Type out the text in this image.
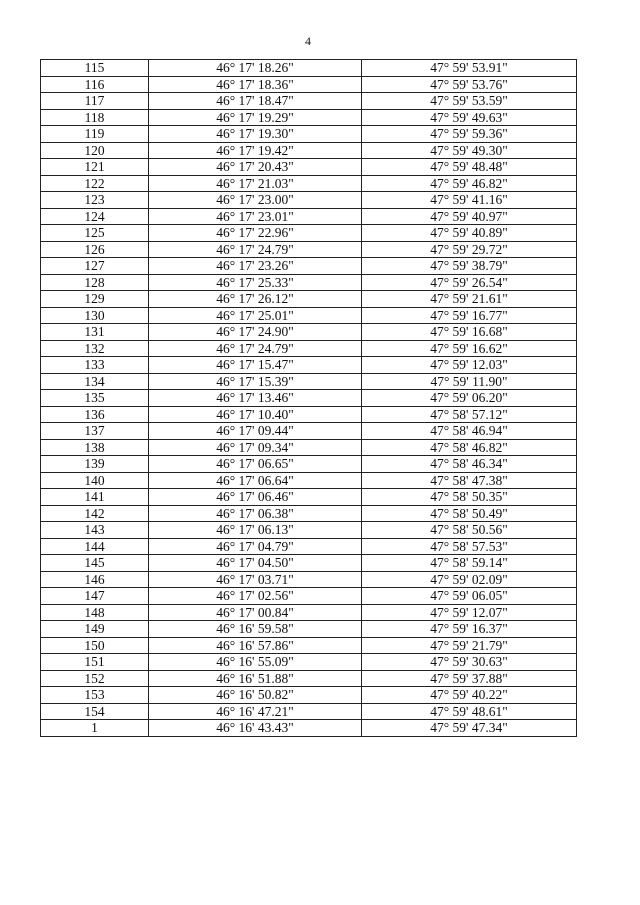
4
115	46° 17' 18.26"	47° 59' 53.91"
116	46° 17' 18.36"	47° 59' 53.76"
117	46° 17' 18.47"	47° 59' 53.59"
118	46° 17' 19.29"	47° 59' 49.63"
119	46° 17' 19.30"	47° 59' 59.36"
120	46° 17' 19.42"	47° 59' 49.30"
121	46° 17' 20.43"	47° 59' 48.48"
122	46° 17' 21.03"	47° 59' 46.82"
123	46° 17' 23.00"	47° 59' 41.16"
124	46° 17' 23.01"	47° 59' 40.97"
125	46° 17' 22.96"	47° 59' 40.89"
126	46° 17' 24.79"	47° 59' 29.72"
127	46° 17' 23.26"	47° 59' 38.79"
128	46° 17' 25.33"	47° 59' 26.54"
129	46° 17' 26.12"	47° 59' 21.61"
130	46° 17' 25.01"	47° 59' 16.77"
131	46° 17' 24.90"	47° 59' 16.68"
132	46° 17' 24.79"	47° 59' 16.62"
133	46° 17' 15.47"	47° 59' 12.03"
134	46° 17' 15.39"	47° 59' 11.90"
135	46° 17' 13.46"	47° 59' 06.20"
136	46° 17' 10.40"	47° 58' 57.12"
137	46° 17' 09.44"	47° 58' 46.94"
138	46° 17' 09.34"	47° 58' 46.82"
139	46° 17' 06.65"	47° 58' 46.34"
140	46° 17' 06.64"	47° 58' 47.38"
141	46° 17' 06.46"	47° 58' 50.35"
142	46° 17' 06.38"	47° 58' 50.49"
143	46° 17' 06.13"	47° 58' 50.56"
144	46° 17' 04.79"	47° 58' 57.53"
145	46° 17' 04.50"	47° 58' 59.14"
146	46° 17' 03.71"	47° 59' 02.09"
147	46° 17' 02.56"	47° 59' 06.05"
148	46° 17' 00.84"	47° 59' 12.07"
149	46° 16' 59.58"	47° 59' 16.37"
150	46° 16' 57.86"	47° 59' 21.79"
151	46° 16' 55.09"	47° 59' 30.63"
152	46° 16' 51.88"	47° 59' 37.88"
153	46° 16' 50.82"	47° 59' 40.22"
154	46° 16' 47.21"	47° 59' 48.61"
1	46° 16' 43.43"	47° 59' 47.34"
